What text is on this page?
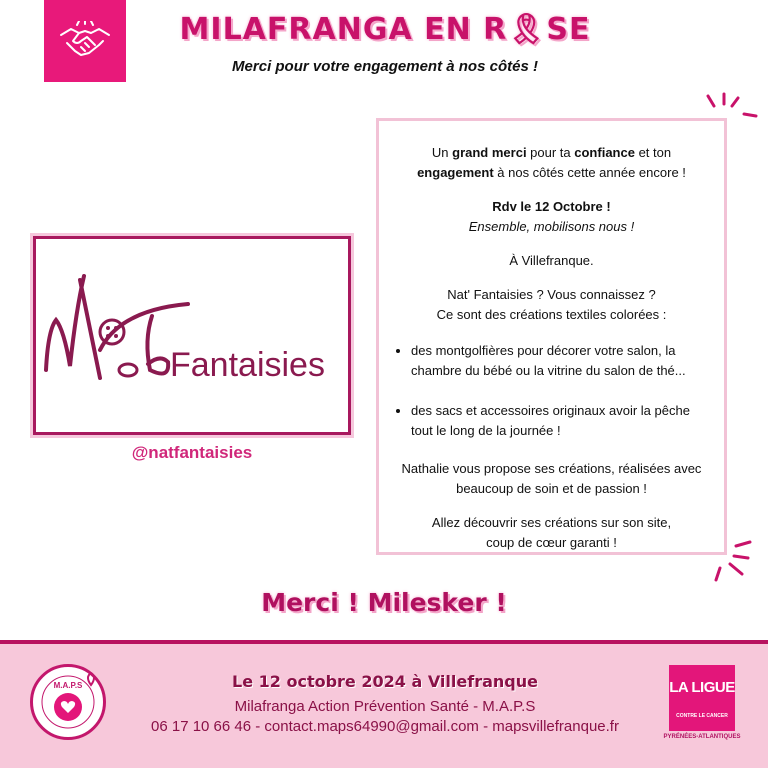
MILAFRANGA EN R🎗SE
Merci pour votre engagement à nos côtés !
Fantaisies
@natfantaisies

Un grand merci pour ta confiance et ton engagement à nos côtés cette année encore !

Rdv le 12 Octobre !
Ensemble, mobilisons nous !

À Villefranque.

Nat' Fantaisies ? Vous connaissez ?
Ce sont des créations textiles colorées :

• des montgolfières pour décorer votre salon, la chambre du bébé ou la vitrine du salon de thé...
• des sacs et accessoires originaux avoir la pêche tout le long de la journée !

Nathalie vous propose ses créations, réalisées avec beaucoup de soin et de passion !

Allez découvrir ses créations sur son site,
coup de cœur garanti !

Merci ! Milesker !
M.A.P.S	Le 12 octobre 2024 à Villefranque
Milafranga Action Prévention Santé - M.A.P.S
06 17 10 66 46 - contact.maps64990@gmail.com - mapsvillefranque.fr
LA LIGUE
CONTRE LE CANCER
PYRÉNÉES-ATLANTIQUES
